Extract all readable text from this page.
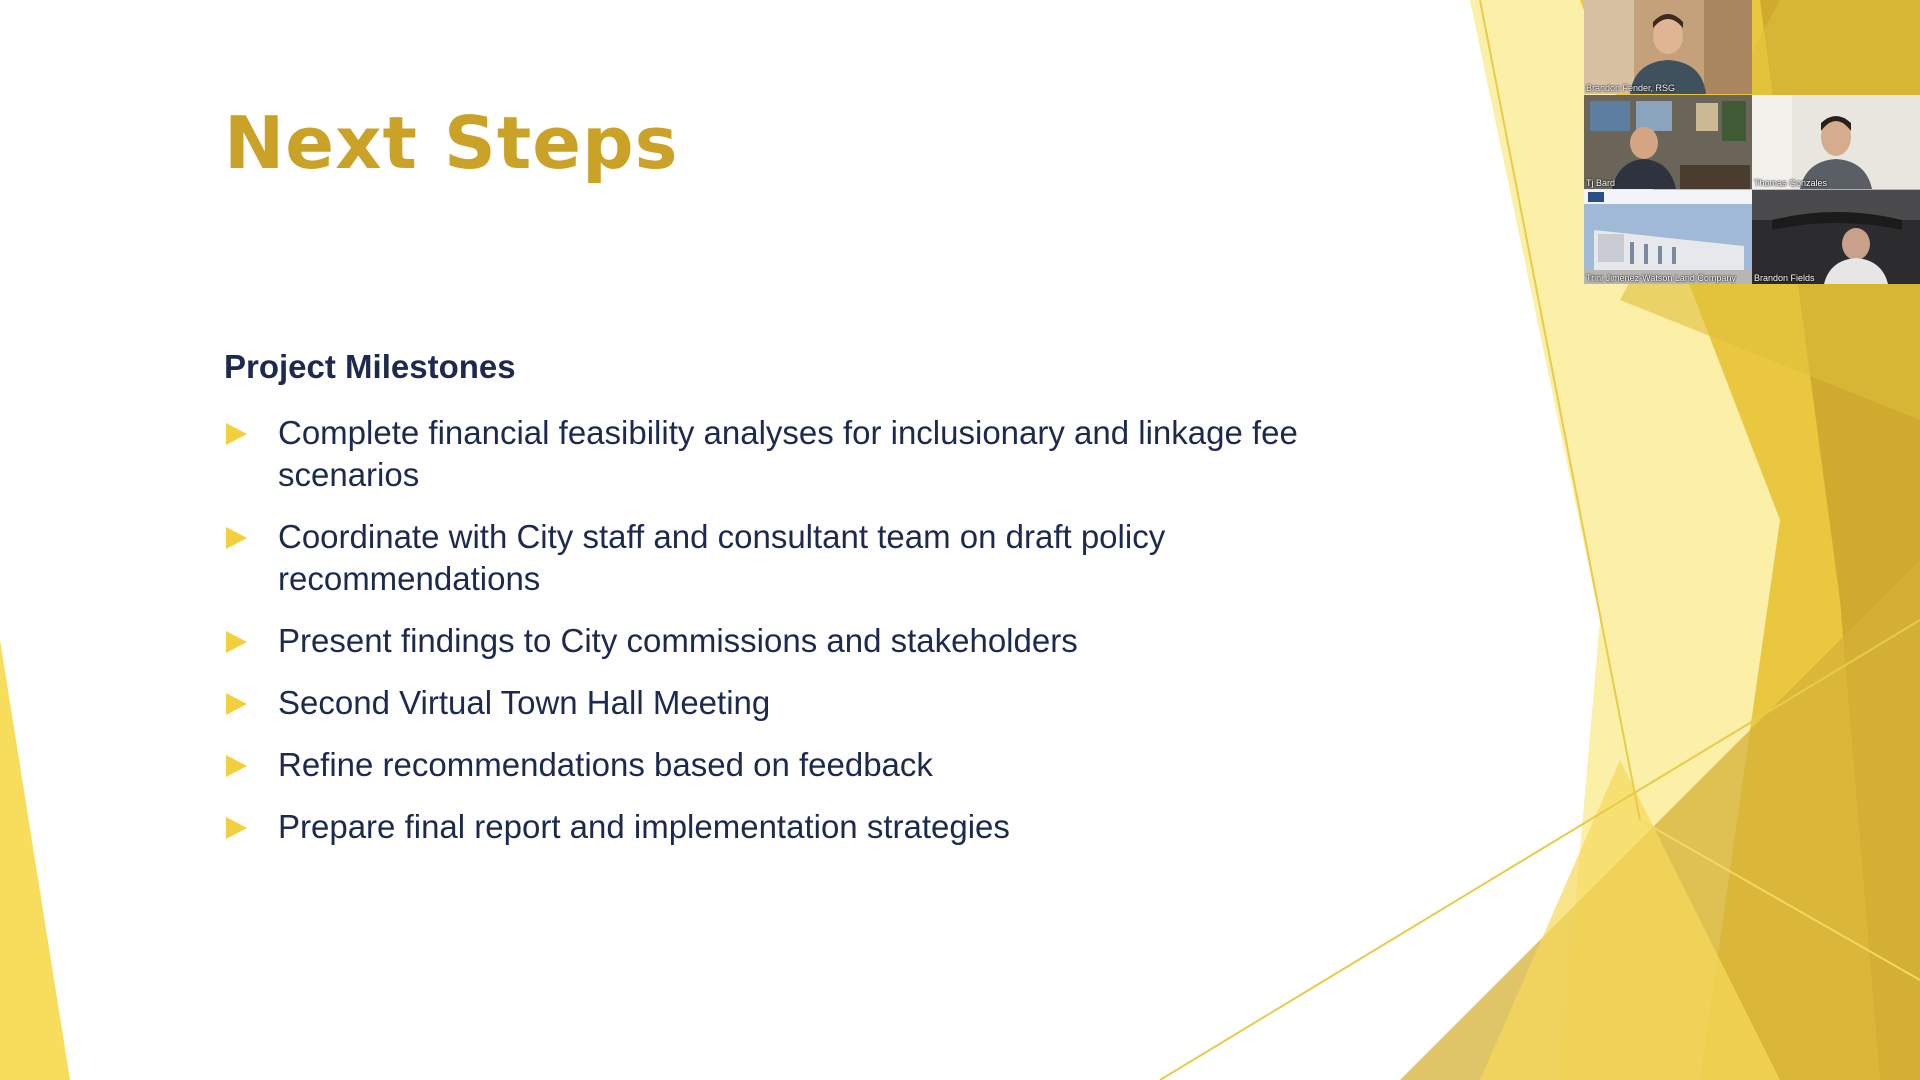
Next Steps
Project Milestones
Complete financial feasibility analyses for inclusionary and linkage fee scenarios
Coordinate with City staff and consultant team on draft policy recommendations
Present findings to City commissions and stakeholders
Second Virtual Town Hall Meeting
Refine recommendations based on feedback
Prepare final report and implementation strategies
Brandon Fender, RSG
Tj Bard	Thomas Gonzales
Trini Jimenez-Watson Land Company Brandon Fields
